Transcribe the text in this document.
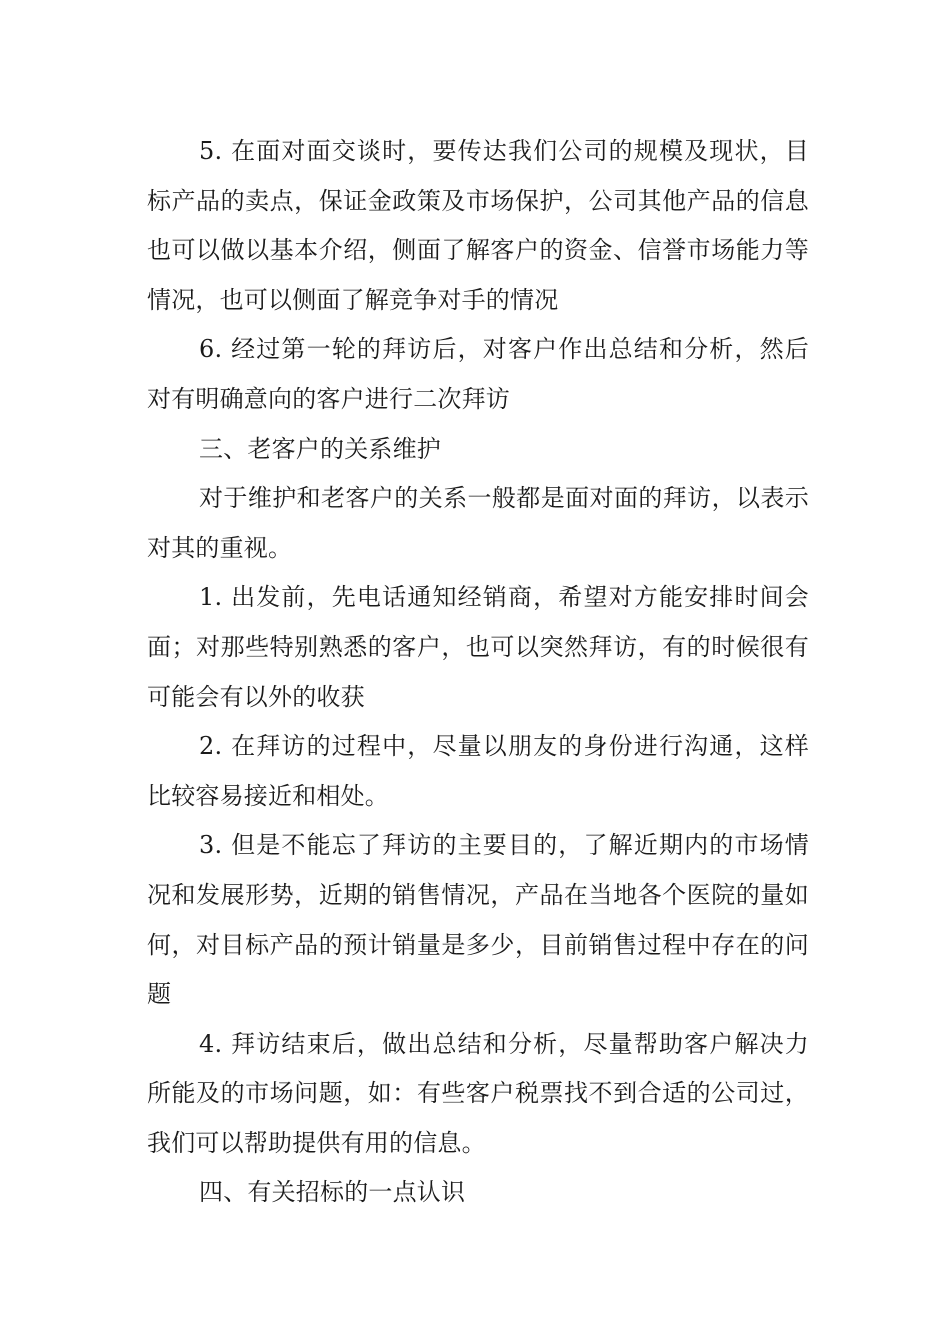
5. 在面对面交谈时，要传达我们公司的规模及现状，目标产品的卖点，保证金政策及市场保护，公司其他产品的信息也可以做以基本介绍，侧面了解客户的资金、信誉市场能力等情况，也可以侧面了解竞争对手的情况

6. 经过第一轮的拜访后，对客户作出总结和分析，然后对有明确意向的客户进行二次拜访

三、老客户的关系维护

对于维护和老客户的关系一般都是面对面的拜访，以表示对其的重视。

1. 出发前，先电话通知经销商，希望对方能安排时间会面；对那些特别熟悉的客户，也可以突然拜访，有的时候很有可能会有以外的收获

2. 在拜访的过程中，尽量以朋友的身份进行沟通，这样比较容易接近和相处。

3. 但是不能忘了拜访的主要目的，了解近期内的市场情况和发展形势，近期的销售情况，产品在当地各个医院的量如何，对目标产品的预计销量是多少，目前销售过程中存在的问题

4. 拜访结束后，做出总结和分析，尽量帮助客户解决力所能及的市场问题，如：有些客户税票找不到合适的公司过，我们可以帮助提供有用的信息。

四、有关招标的一点认识
